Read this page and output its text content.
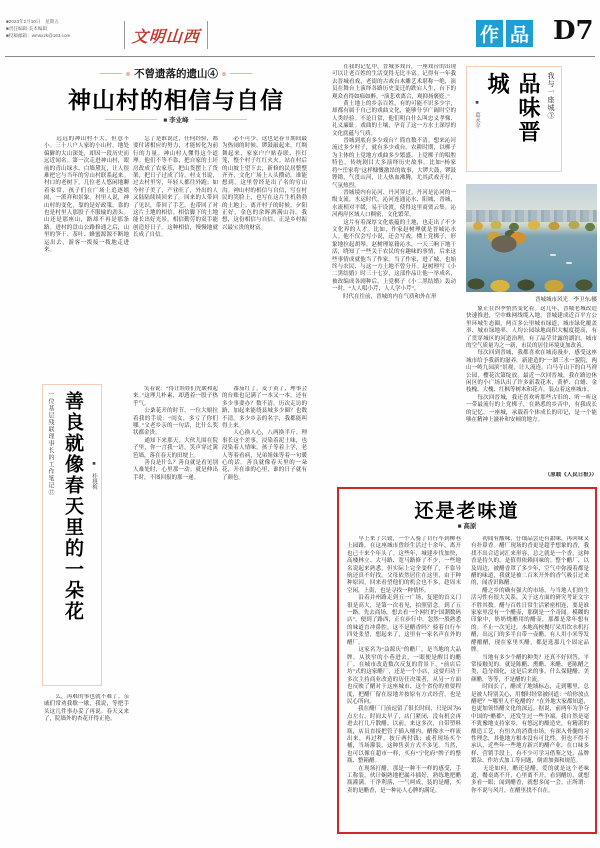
■2023年2月10日　星期五
■责任编辑·美术编辑
■投稿邮箱：wmsxzk@163.com	文明山西	作 品 D7
不曾遗落的遗山④
神山村的相信与自信
■ 李业峰
　　远远的神山村不大，但意不小。三十八户人家的小山村，地处偏僻的大山深处，却因一段历史而远近闻名。第一次走进神山村，眼前的青山绿水、白墙黛瓦，让人很难把它与当年的穷山村联系起来。村口的老树下，几位老人悠闲地聊着家常，孩子们在广场上追逐嬉闹，一派祥和景象。村里人说，神山村的变化，靠的是好政策，靠的也是村里人那股子不服输的劲头。山还是那座山，路却不再是那条路。进村的盘山公路修通之后，山里的笋干、茶叶、蜂蜜源源不断地运出去，游客一拨接一拨地走进来。
　　忘了是谁说过，任何经验，都要付诸相应的努力，才能转化为前行的力量。神山村人懂得这个道理。他们不等不靠，把自家的土坯房改成了农家乐，把山货摆上了货架，把日子过成了诗。村支书说，过去村里穷，年轻人都往外跑；如今村子美了，产业旺了，外出的人又陆陆续续回来了。回来的人带回了见识，带回了手艺，也带回了对这片土地的相信。相信脚下的土地能长出好光景，相信勤劳的双手能创造好日子。这种相信，慢慢地就长成了自信。
　　必不可少，这也是春节期间最为热闹的时候。锣鼓敲起来，红绸舞起来，家家户户贴春联、挂灯笼，整个村子红红火火。站在村后的山坡上望下去，新修的民居整整齐齐，文化广场上人头攒动。谁能想到，这里曾经是出了名的穷山沟。神山村的相信与自信，写在村民的笑脸上，也写在这片生机勃勃的土地上。离开村子的时候，夕阳正好，金色的余晖洒满山谷。我想，这份相信与自信，正是乡村振兴最宝贵的财富。
一位基层残联理事长的工作笔记⑰ 善良就像春天里的一朵花	■ 桂桃梅
　　笑着说：“得让娃娃们先暖和起来。”这理儿朴素，却透着一股子热乎气。
　　公桑花开的时节，一位大娘拉着我的手说：“闺女，多亏了你们哪。”父老乡亲的一句话，比什么奖状都金贵。
　　通知下来那天，大伙儿围在院子里，你一言我一语，笑声穿过篱笆墙，落在春天的田埂上。
　　善良是什么？善良就是看见别人难处时，心里那一动；就是伸出手时，不图回报的那一递。
　　番茄红了，麦子黄了，理事会的台账也记满了一本又一本。还有多少事要办？数不清。历次走访的路，加起来能绕县城多少圈？也数不清。多少乡亲的名字，我都能叫得上来。
　　人心换人心，八两换半斤。理事长这个差事，浸染着泥土味，也浸染着人情味。孩子等着上学，老人等着看病，兄弟姐妹等着一句暖心的话。善良就像春天里的一朵花，开在谁的心里，谁的日子就有了颜色。
　　么，再难的事也就不难了。亲戚们常劝我歇一歇，我说，等把手头这几件事办妥了再说。春天又来了，院墙外的杏花开得正艳。
■ 葛水平	品味晋城	我与一座城③
晋城城市风光　李卫东/摄
　　在我的记忆中，晋城多戏台，一座戏台的出现可以让老百姓的生活变得无比丰富。记得有一年我去晋城看戏，老街的古戏台木雕艺术堪称一绝，演员在舞台上演绎各路历史变迁的跌宕人生，台下的观众看得如痴如醉。“演悲欢离合，观抑扬褒贬。”
　　黄土地上的乡亲百姓，有的可能不识多少字，却都有属于自己的戏曲文化，能够分享广阔时空的人类经验。不论日常，他们明白什么叫忠义孝悌、礼义廉耻。戏曲的土壤，孕育了这一方水土深厚的文化底蕴与气质。
　　晋城到底有多少戏台？简直数不清。想来沁河流过多少村子，就有多少戏台。农耕时期，以梆子为主体的上党地方戏曲多少繁盛。上党梆子的唱腔特色，传统剧目大多演绎历史故事，比如“杨家将”“岳家将”这样慷慨激昂的故事，大锣大鼓，锣鼓铿锵，气贯山河，让人热血沸腾，尤其武戏开打，气氛热烈。
　　晋城境内有沁河、丹河穿过。丹河是沁河的一级支流。水运时代，沁河连通沁水、阳城、晋城，水流相对平缓，易于设渡，使得这里商贾云集。沁河两岸区域人口稠密，文化繁荣。
　　这片有着深厚文化底蕴的土地，也走出了不少文化界的人才。比如，作家赵树理就是晋城沁水人。他不仅会写小说，还会写戏，懂上党梆子，形象地拉起胡琴。赵树理原籍沁水，一天三晌下地干活，晓知了一些关于农民的有趣味的事情，后来这些事情成就他当了作家。当了作家，进了城，也始终与农民、与这一方土地不曾分开。赵树理写《小二黑结婚》时三十七岁，这部作品让他一举成名，被改编成各剧种后，上党梆子《小二黑结婚》轰动一时，“人人唱小芹，人人学小芹”。
　　时代在往前，晋城的内在气质和外在形
　　象正在四季悄然变化着。这几年，晋城老城改造快速推进，空中蛛网线缆入地。晋城建成近百平方公里环城生态圈，两百多公里城市绿道，城市绿化覆盖率、城市绿地率、人均公园绿地面积大幅度提高，有了贯穿城区的河道治理，有了晶莹甘露的湖泊，城市的空气质量为之一新，市民的居住环境更加改善。
　　每次回到晋城，我都喜欢在城南漫步，感受这座城市给予我新的滋养。新建造的“一湖三水一貌院，两山一岭九园滨”景观，让人流连。白马寺山下的白马禅公园，樱花次第绽放。最近一次回晋城，我在路边休闲区的小广场认出了许多新栽花木，黄栌、白蜡、金枝槐、大槐、红枫等树木和花卉，装点着这座城市。
　　每次回晋城，我还喜欢听那些古旧的、听一听这一带最流行的上党梆子，在熟悉的乡音中，有我成长的记忆。一座城，承载着个体成长的印记，是一个能够在精神上滋补和安顿的地方。
（原载《人民日报》）
还是老味道
■ 高原
　　早上来了兴致，一个人骑了自行车到柳巷上园路。在这座城市曾经生活过十余年，离开也已十来个年头了。这些年，城建步伐加快，高楼林立、大马路、宽马路修了不少，一些地名说起来熟悉，但实际上完全变样了，不靠导航还真不好找。父母依然居住在这里，由于种种原因，回来看望他们的机会也不多，趁周末空闲，上街，也是寻找一种情怀。
　　沿着并州路走到五一广场，复建的首义门很是高大，是第一次看见，拍照留念。到了五一路，先去商场，想去看一个网红的“国潮数码店”，便到了路西，正在步行中，忽然一股熟悉的味道直冲鼻腔，这不是醋香吗？骑着自行车四处张望，想起来了，这里有一家名声在外的醋厂。
　　这家名为“益源庆”的醋厂，是当地的大品牌。从狭窄的小巷进去，一眼便是醒目的醋厂。在城市改造数次反复的背景下，“前店后坊”式的这家醋厂，还是一个小店，这要归功于多次主持商业改造的历任决策者，从另一方面也反映了醋对于这座城市、这个省份的重要程度，把醋厂留在原地并按原有方式经营，也是民心所向。
　　我在醋厂门前逗留了很长时间，只是因为6点左右，时间太早了，店门紧闭，没有机会再进去打几斤散醋。以前，来这多次，自带塑料瓶，店员直接把管子插入桶内，醋像水一样流出来，再过秤，按斤两付钱；或者现场买个桶，当场灌装，这种售卖方式不多见。当然，也可以像在超市一样，买有“宁化府”牌子的整瓶、整箱醋。
　　在现场打醋，那是一种不一样的感受，手工称装，伙计娴熟地把漏斗插好，熟练地把醋瓶灌满，干净利落，一气呵成，装的是醋，买卖的是醋香，是一种沁人心脾的满足。
　　初闻有酸味，仔细品尝还有甜味，再回味又有扑鼻香。醋厂现场的香更是超乎想象的香，我找不出合适词汇来形容，总之就是一个香，这种香是持久的，是值得依赖回味的。整个醋厂，以及周边，被醋香罩了多少年，空气中弥漫着都是醋的味道，我就是被二百米开外的香气吸引过来的，闻香识陈醋。
　　醋之乡的确有强大的市场，与当地人们的生活习性有很大关系，关于这方面的研究考证文字不胜其数。醋与百姓日常生活紧密相连，要是谁家家里没有一个醋壶，那倒是一个奇闻。模糊的印象中，奶奶烧醋用的醋壶，那都是常年想有的。不止一次见过，本地高校餐厅采用饮水机打醋，出远门的多半自带一壶醋，有人用小米等发酵酿醋，现在家里买醋，都是选那几个固定品牌。
　　当地有多少个醋的种类？还真不好回答。平常接触见的，就是陈醋、熏醋、米醋、老陈醋之类，趋分细化，这是后来的事，什么保健醋、美颜醋，等等，不是醋的主流。
　　时间长了，醋成了地域标志，走到哪里，总是被人特别关心，用餐时经常被问道：“给你放点醋吧？”“哪里人不吃醋的？”在外地大家都知道，也更加领悟醋文化的深远。据说，前两年为争夺中国的“醋都”，还发生过一些争端。我自然是毫不犹豫地支持家乡，有悠远的酿造史，有精湛的酿造工艺，有恒久的消费市场，有深入骨髓的习性理念，其他地方根本没有可比性。但也不得不承认，近些年一些地方新兴的醋产业，在口味多样、营销手段上，有不少可学习借鉴之处，品牌繁杂、作坊式加工等问题，倒需加强和规范。
　　无论如何，醋还是醋，爱的就是这个老味道，餐桌离不开，心里离不开。看到醋坊，就想多看一眼；闻到醋香，就想多闻一会。正所谓：你不说与风月，在醋里找不自在。
